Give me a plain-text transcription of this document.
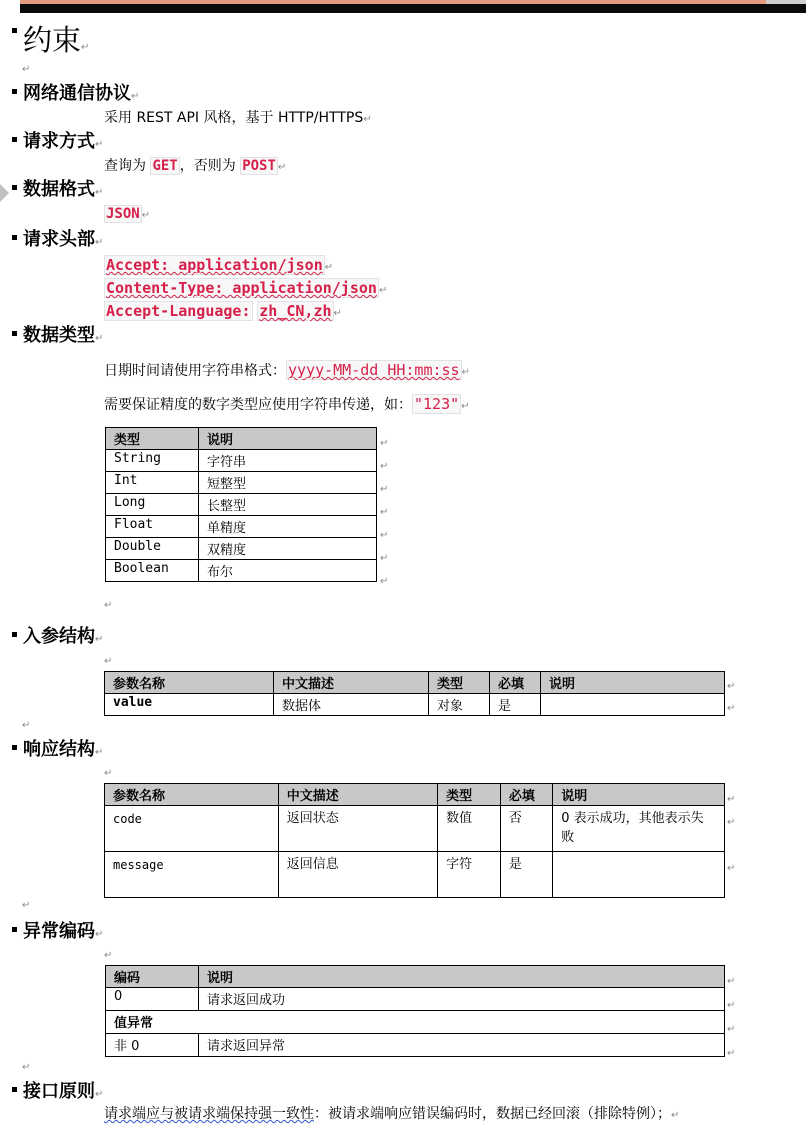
约束↵
↵
网络通信协议↵
采用 REST API 风格，基于 HTTP/HTTPS↵
请求方式↵
查询为 GET ，否则为 POST ↵
数据格式↵
JSON ↵
请求头部↵
Accept: application/json ↵
Content-Type: application/json ↵
Accept-Language: zh_CN,zh ↵
数据类型↵
日期时间请使用字符串格式： yyyy-MM-dd HH:mm:ss ↵
需要保证精度的数字类型应使用字符串传递，如： "123" ↵
类型	说明
String	字符串
Int	短整型
Long	长整型
Float	单精度
Double	双精度
Boolean	布尔
↵
↵
↵
↵
↵
↵
↵
↵
入参结构↵
↵
参数名称	中文描述	类型	必填	说明
value	数据体	对象	是	
↵
↵
↵
响应结构↵
↵
参数名称	中文描述	类型	必填	说明
code	返回状态	数值	否	0 表示成功，其他表示失败
message	返回信息	字符	是	
↵
↵

↵
↵
异常编码↵
↵
编码	说明
0	请求返回成功
值异常	
非 0	请求返回异常
↵
↵
↵
↵
↵
接口原则↵
请求端应与被请求端保持强一致性：被请求端响应错误编码时，数据已经回滚（排除特例）；↵
